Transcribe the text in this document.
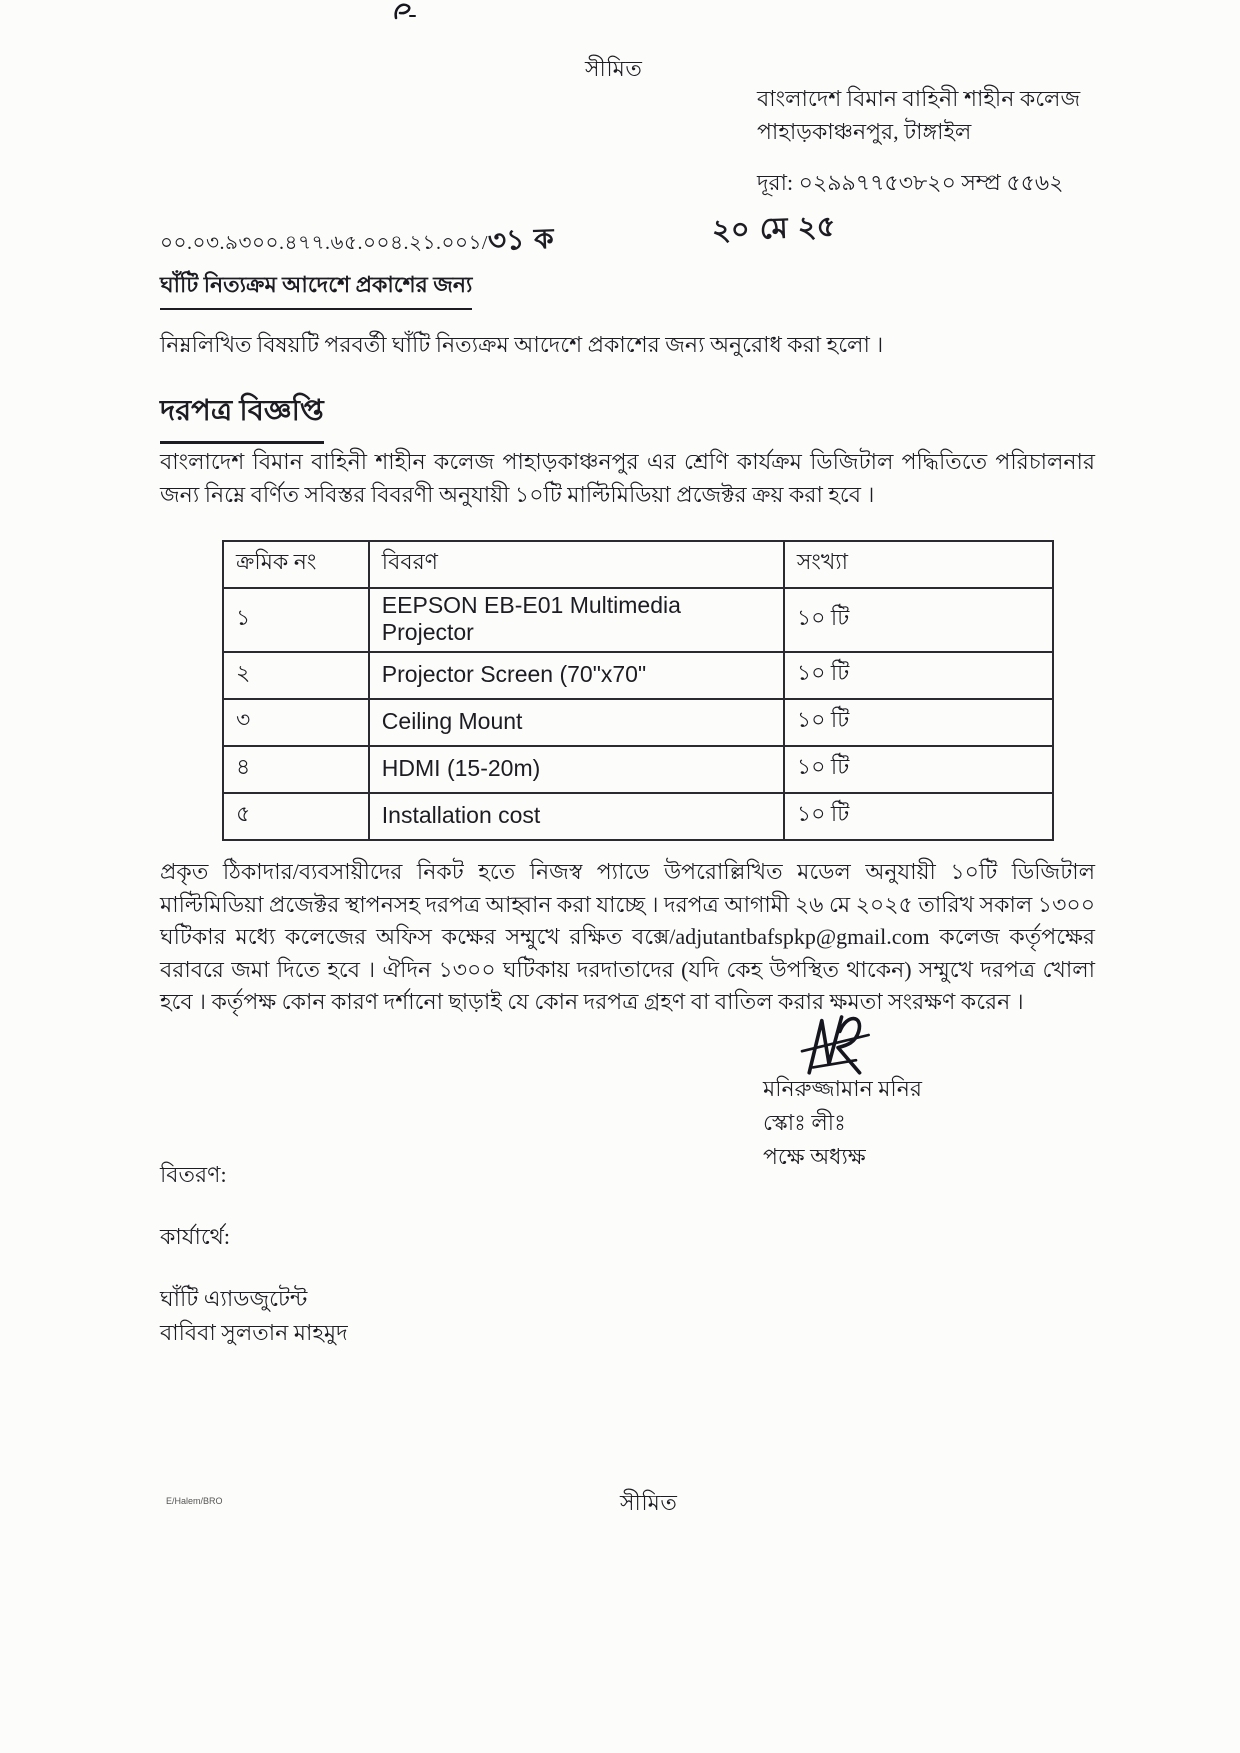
সীমিত
বাংলাদেশ বিমান বাহিনী শাহীন কলেজ
পাহাড়কাঞ্চনপুর, টাঙ্গাইল
দূরা: ০২৯৯৭৭৫৩৮২০ সম্প্র ৫৫৬২
০০.০৩.৯৩০০.৪৭৭.৬৫.০০৪.২১.০০১/৩১ ক	২০ মে ২৫
ঘাঁটি নিত্যক্রম আদেশে প্রকাশের জন্য
নিম্নলিখিত বিষয়টি পরবর্তী ঘাঁটি নিত্যক্রম আদেশে প্রকাশের জন্য অনুরোধ করা হলো ।
দরপত্র বিজ্ঞপ্তি
বাংলাদেশ বিমান বাহিনী শাহীন কলেজ পাহাড়কাঞ্চনপুর এর শ্রেণি কার্যক্রম ডিজিটাল পদ্ধিতিতে পরিচালনার জন্য নিম্নে বর্ণিত সবিস্তর বিবরণী অনুযায়ী ১০টি মাল্টিমিডিয়া প্রজেক্টর ক্রয় করা হবে ।
ক্রমিক নং	বিবরণ	সংখ্যা
১	EEPSON EB-E01 Multimedia Projector	১০ টি
২	Projector Screen (70"x70"	১০ টি
৩	Ceiling Mount	১০ টি
৪	HDMI (15-20m)	১০ টি
৫	Installation cost	১০ টি
প্রকৃত ঠিকাদার/ব্যবসায়ীদের নিকট হতে নিজস্ব প্যাডে উপরোল্লিখিত মডেল অনুযায়ী ১০টি ডিজিটাল মাল্টিমিডিয়া প্রজেক্টর স্থাপনসহ দরপত্র আহ্বান করা যাচ্ছে । দরপত্র আগামী ২৬ মে ২০২৫ তারিখ সকাল ১৩০০ ঘটিকার মধ্যে কলেজের অফিস কক্ষের সম্মুখে রক্ষিত বক্সে/adjutantbafspkp@gmail.com কলেজ কর্তৃপক্ষের বরাবরে জমা দিতে হবে । ঐদিন ১৩০০ ঘটিকায় দরদাতাদের (যদি কেহ উপস্থিত থাকেন) সম্মুখে দরপত্র খোলা হবে । কর্তৃপক্ষ কোন কারণ দর্শানো ছাড়াই যে কোন দরপত্র গ্রহণ বা বাতিল করার ক্ষমতা সংরক্ষণ করেন ।
মনিরুজ্জামান মনির
স্কোঃ লীঃ
পক্ষে অধ্যক্ষ
বিতরণ:
কার্যার্থে:
ঘাঁটি এ্যাডজুটেন্ট
বাবিবা সুলতান মাহমুদ
E/Halem/BRO	সীমিত
